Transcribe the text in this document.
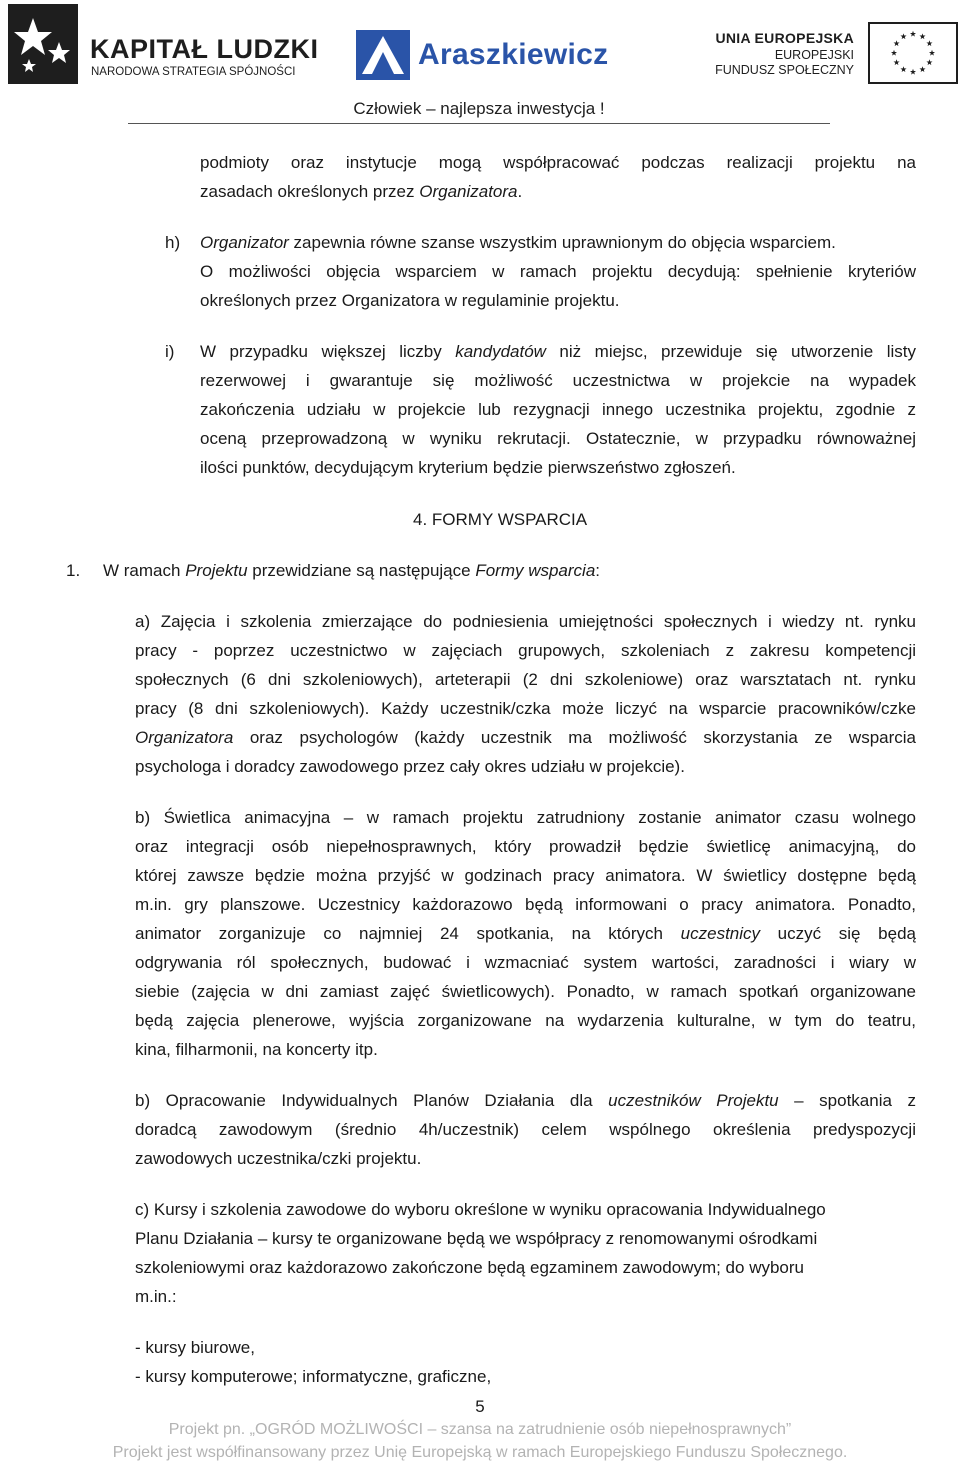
KAPITAŁ LUDZKI
NARODOWA STRATEGIA SPÓJNOŚCI
Araszkiewicz	UNIA EUROPEJSKA
EUROPEJSKI
FUNDUSZ SPOŁECZNY
Człowiek – najlepsza inwestycja !
podmioty oraz instytucje mogą współpracować podczas realizacji projektu na
zasadach określonych przez Organizatora.
h) Organizator zapewnia równe szanse wszystkim uprawnionym do objęcia wsparciem.
O możliwości objęcia wsparciem w ramach projektu decydują: spełnienie kryteriów
określonych przez Organizatora w regulaminie projektu.
i) W przypadku większej liczby kandydatów niż miejsc, przewiduje się utworzenie listy
rezerwowej i gwarantuje się możliwość uczestnictwa w projekcie na wypadek
zakończenia udziału w projekcie lub rezygnacji innego uczestnika projektu, zgodnie z
oceną przeprowadzoną w wyniku rekrutacji. Ostatecznie, w przypadku równoważnej
ilości punktów, decydującym kryterium będzie pierwszeństwo zgłoszeń.
4. FORMY WSPARCIA
1. W ramach Projektu przewidziane są następujące Formy wsparcia:
a) Zajęcia i szkolenia zmierzające do podniesienia umiejętności społecznych i wiedzy nt. rynku
pracy - poprzez uczestnictwo w zajęciach grupowych, szkoleniach z zakresu kompetencji
społecznych (6 dni szkoleniowych), arteterapii (2 dni szkoleniowe) oraz warsztatach nt. rynku
pracy (8 dni szkoleniowych). Każdy uczestnik/czka może liczyć na wsparcie pracowników/czke
Organizatora oraz psychologów (każdy uczestnik ma możliwość skorzystania ze wsparcia
psychologa i doradcy zawodowego przez cały okres udziału w projekcie).
b) Świetlica animacyjna – w ramach projektu zatrudniony zostanie animator czasu wolnego
oraz integracji osób niepełnosprawnych, który prowadził będzie świetlicę animacyjną, do
której zawsze będzie można przyjść w godzinach pracy animatora. W świetlicy dostępne będą
m.in. gry planszowe. Uczestnicy każdorazowo będą informowani o pracy animatora. Ponadto,
animator zorganizuje co najmniej 24 spotkania, na których uczestnicy uczyć się będą
odgrywania ról społecznych, budować i wzmacniać system wartości, zaradności i wiary w
siebie (zajęcia w dni zamiast zajęć świetlicowych). Ponadto, w ramach spotkań organizowane
będą zajęcia plenerowe, wyjścia zorganizowane na wydarzenia kulturalne, w tym do teatru,
kina, filharmonii, na koncerty itp.
b) Opracowanie Indywidualnych Planów Działania dla uczestników Projektu – spotkania z
doradcą zawodowym (średnio 4h/uczestnik) celem wspólnego określenia predyspozycji
zawodowych uczestnika/czki projektu.
c) Kursy i szkolenia zawodowe do wyboru określone w wyniku opracowania Indywidualnego
Planu Działania – kursy te organizowane będą we współpracy z renomowanymi ośrodkami
szkoleniowymi oraz każdorazowo zakończone będą egzaminem zawodowym; do wyboru
m.in.:
- kursy biurowe,
- kursy komputerowe; informatyczne, graficzne,
5
Projekt pn. „OGRÓD MOŻLIWOŚCI – szansa na zatrudnienie osób niepełnosprawnych”
Projekt jest współfinansowany przez Unię Europejską w ramach Europejskiego Funduszu Społecznego.
